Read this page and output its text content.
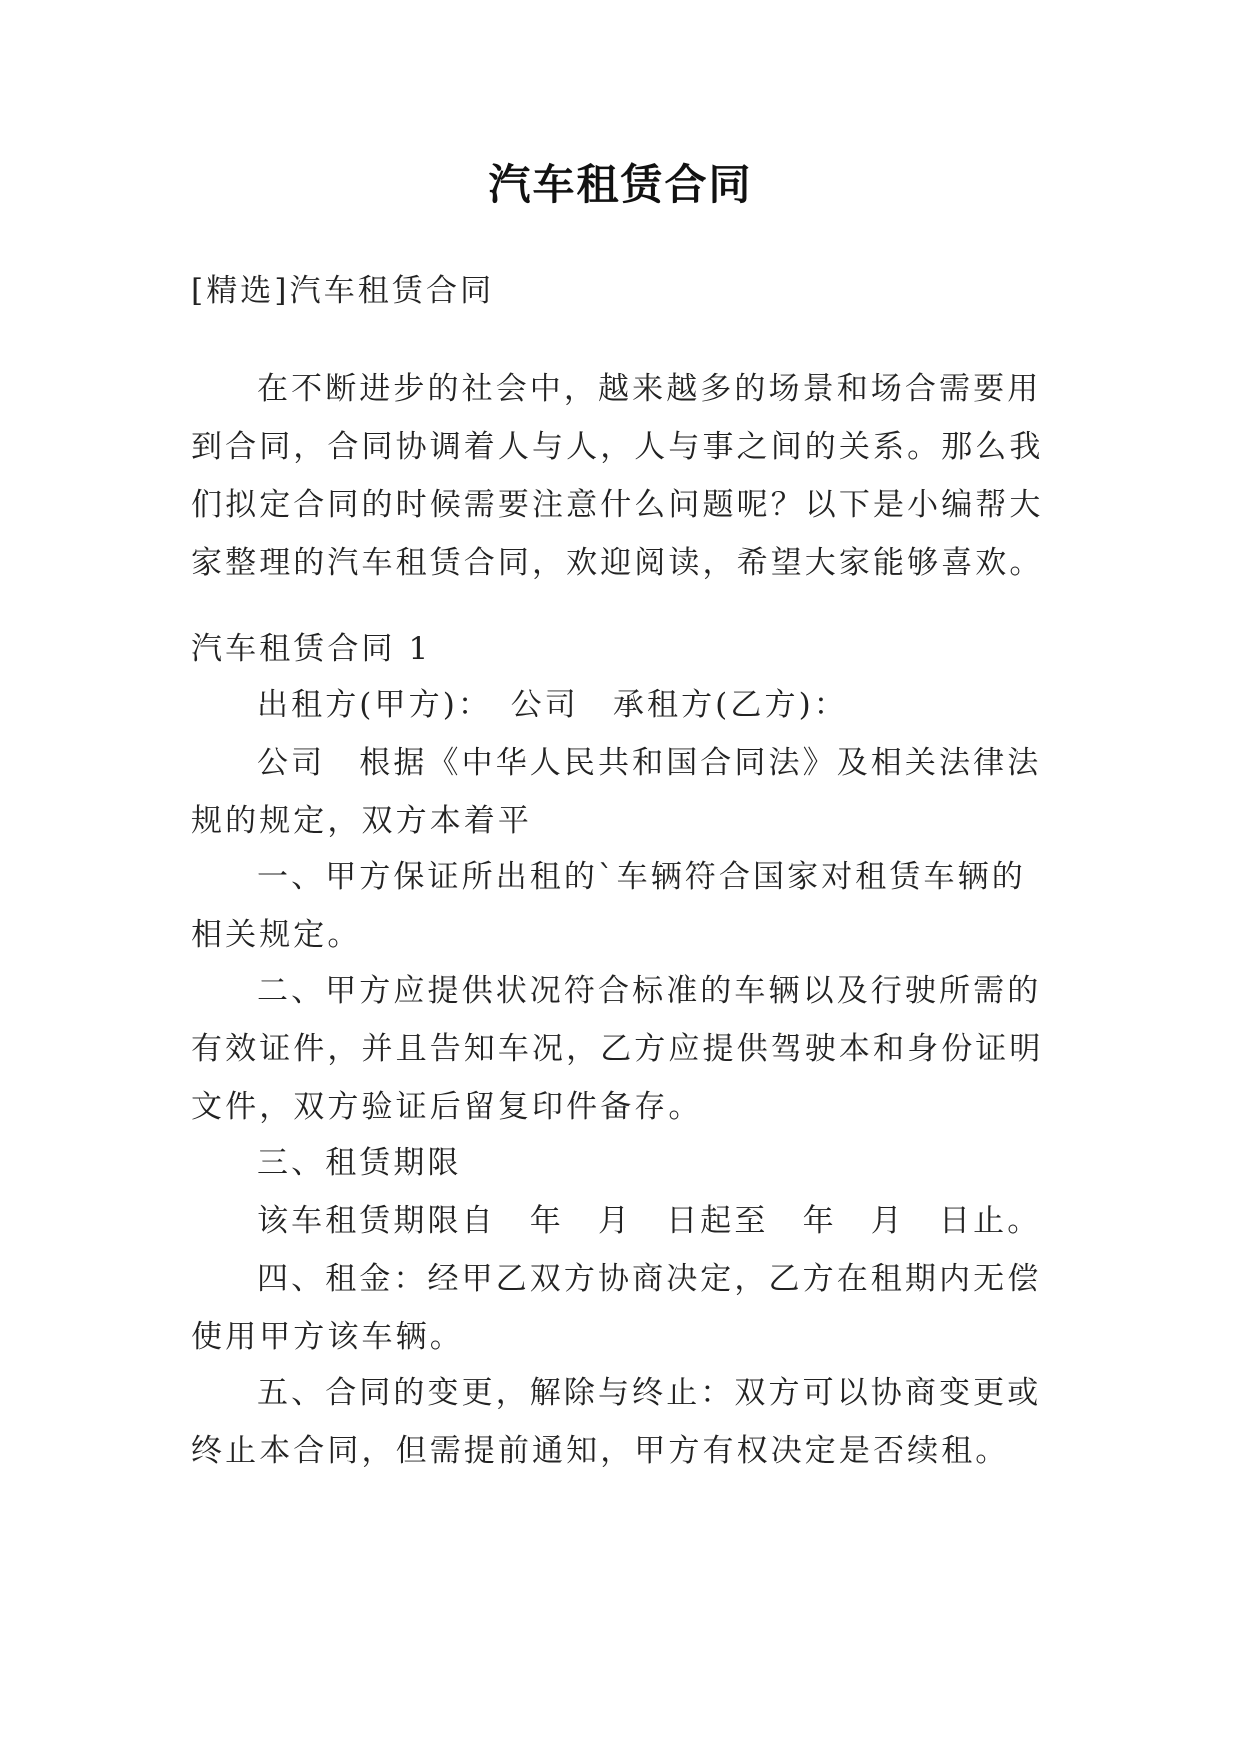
汽车租赁合同

[精选]汽车租赁合同

在不断进步的社会中，越来越多的场景和场合需要用到合同，合同协调着人与人，人与事之间的关系。那么我们拟定合同的时候需要注意什么问题呢？以下是小编帮大家整理的汽车租赁合同，欢迎阅读，希望大家能够喜欢。

汽车租赁合同 1

出租方(甲方)：　公司　承租方(乙方)：

公司　根据《中华人民共和国合同法》及相关法律法规的规定，双方本着平

一、甲方保证所出租的`车辆符合国家对租赁车辆的相关规定。

二、甲方应提供状况符合标准的车辆以及行驶所需的有效证件，并且告知车况，乙方应提供驾驶本和身份证明文件，双方验证后留复印件备存。

三、租赁期限

该车租赁期限自　年　月　日起至　年　月　日止。

四、租金：经甲乙双方协商决定，乙方在租期内无偿使用甲方该车辆。

五、合同的变更，解除与终止：双方可以协商变更或终止本合同，但需提前通知，甲方有权决定是否续租。
